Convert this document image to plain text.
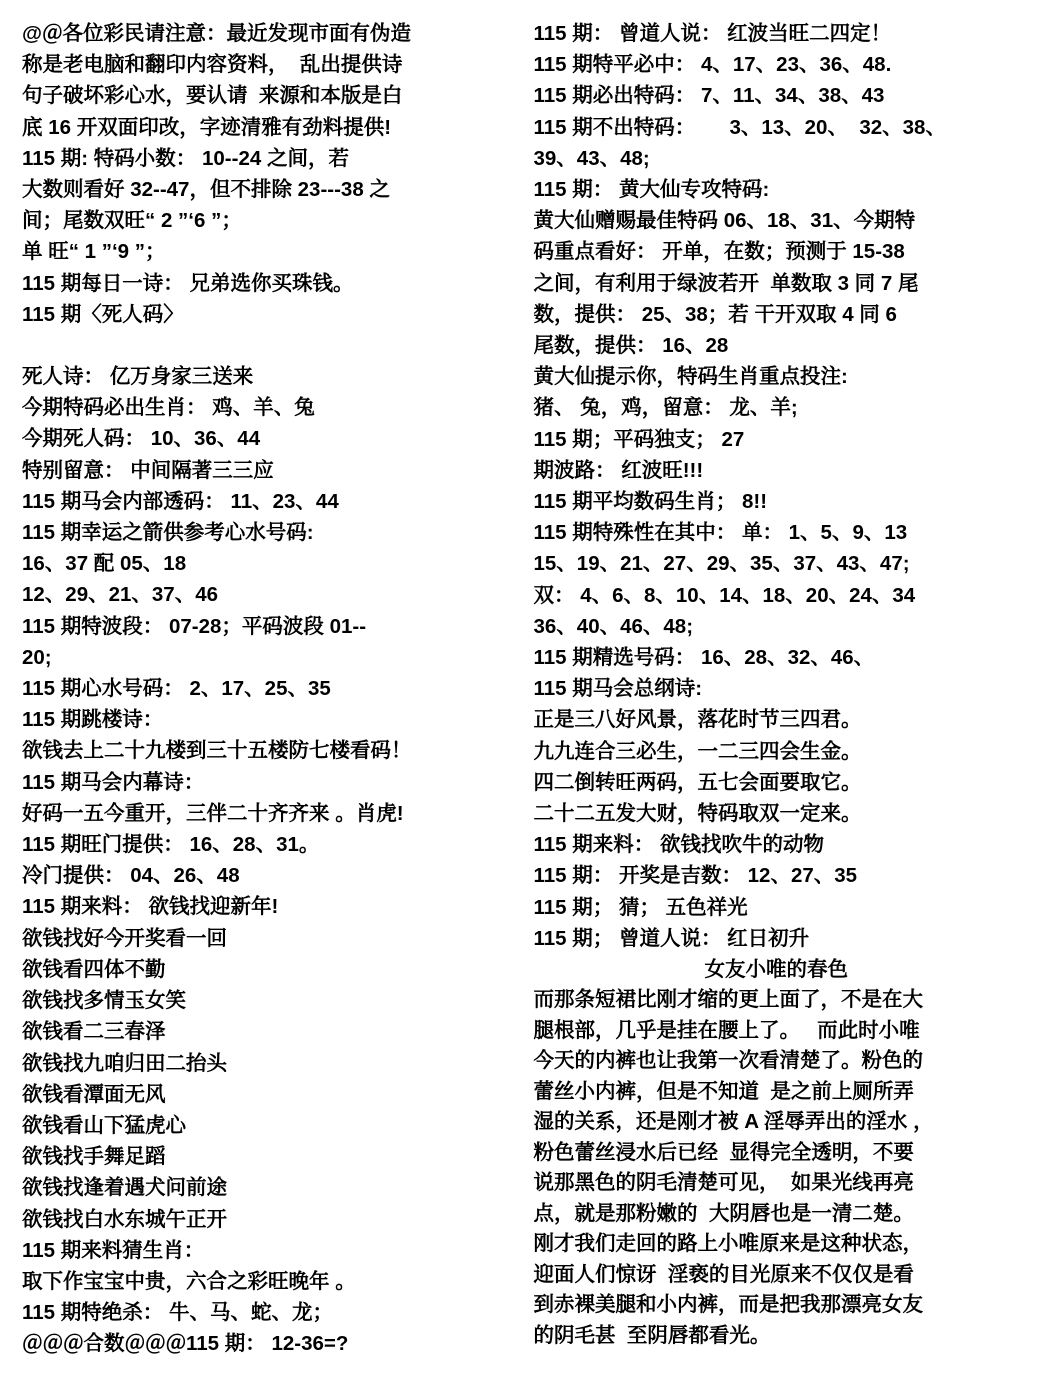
@＠各位彩民请注意：最近发现市面有伪造
称是老电脑和翻印内容资料，  乱出提供诗
句子破坏彩心水，要认请  来源和本版是白
底 16 开双面印改，字迹清雅有劲料提供!
115 期: 特码小数： 10--24 之间，若
大数则看好 32--47，但不排除 23---38 之
间；尾数双旺“ 2 ”‘6 ”；
单 旺“ 1 ”‘9 ”；
115 期每日一诗： 兄弟选你买珠钱。
115 期〈死人码〉
死人诗： 亿万身家三送来
今期特码必出生肖： 鸡、羊、兔
今期死人码： 10、36、44
特别留意： 中间隔著三三应
115 期马会内部透码： 11、23、44
115 期幸运之箭供参考心水号码:
16、37 配 05、18
12、29、21、37、46
115 期特波段： 07-28；平码波段 01--
20;
115 期心水号码： 2、17、25、35
115 期跳楼诗：
欲钱去上二十九楼到三十五楼防七楼看码！
115 期马会内幕诗：
好码一五今重开，三伴二十齐齐来 。肖虎!
115 期旺门提供： 16、28、31。
冷门提供： 04、26、48
115 期来料： 欲钱找迎新年!
欲钱找好今开奖看一回
欲钱看四体不勤
欲钱找多情玉女笑
欲钱看二三春泽
欲钱找九咱归田二抬头
欲钱看潭面无风
欲钱看山下猛虎心
欲钱找手舞足蹈
欲钱找逢着遇犬问前途
欲钱找白水东城午正开
115 期来料猜生肖：
取下作宝宝中贵，六合之彩旺晚年 。
115 期特绝杀： 牛、马、蛇、龙；
＠＠＠合数＠＠＠115 期： 12-36=?
115 期： 曾道人说： 红波当旺二四定！
115 期特平必中： 4、17、23、36、48.
115 期必出特码： 7、11、34、38、43
115 期不出特码：      3、13、20、  32、38、
39、43、48;
115 期： 黄大仙专攻特码:
黄大仙赠赐最佳特码 06、18、31、今期特
码重点看好： 开单，在数；预测于 15-38
之间，有利用于绿波若开  单数取 3 同 7 尾
数，提供： 25、38；若 干开双取 4 同 6
尾数，提供： 16、28
黄大仙提示你，特码生肖重点投注:
猪、 兔，鸡，留意： 龙、羊;
115 期；平码独支； 27
期波路： 红波旺!!!
115 期平均数码生肖； 8!!
115 期特殊性在其中： 单： 1、5、9、13
15、19、21、27、29、35、37、43、47;
双： 4、6、8、10、14、18、20、24、34
36、40、46、48;
115 期精选号码： 16、28、32、46、
115 期马会总纲诗:
正是三八好风景，落花时节三四君。
九九连合三必生，一二三四会生金。
四二倒转旺两码，五七会面要取它。
二十二五发大财，特码取双一定来。
115 期来料： 欲钱找吹牛的动物
115 期： 开奖是吉数： 12、27、35
115 期； 猜； 五色祥光
115 期； 曾道人说： 红日初升
女友小唯的春色
而那条短裙比刚才缩的更上面了，不是在大
腿根部，几乎是挂在腰上了。   而此时小唯
今天的内裤也让我第一次看清楚了。粉色的
蕾丝小内裤，但是不知道  是之前上厕所弄
湿的关系，还是刚才被 A 淫辱弄出的淫水 ，
粉色蕾丝浸水后已经  显得完全透明，不要
说那黑色的阴毛清楚可见，  如果光线再亮
点，就是那粉嫩的  大阴唇也是一清二楚。
刚才我们走回的路上小唯原来是这种状态，
迎面人们惊讶  淫亵的目光原来不仅仅是看
到赤裸美腿和小内裤，而是把我那漂亮女友
的阴毛甚  至阴唇都看光。
